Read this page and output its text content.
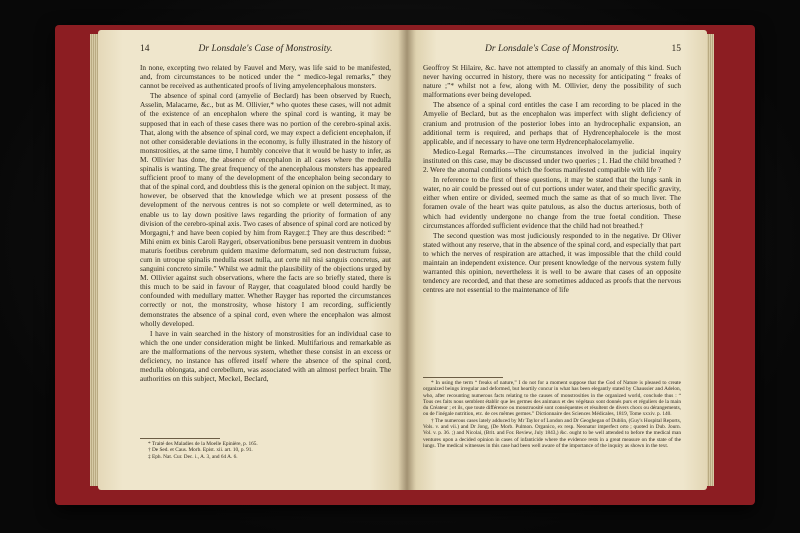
14	Dr Lonsdale's Case of Monstrosity.

In none, excepting two related by Fauvel and Mery, was life said to be manifested, and, from circumstances to be noticed under the “ medico-legal remarks,” they cannot be received as authenticated proofs of living amyelencephalous monsters.

The absence of spinal cord (amyelie of Beclard) has been observed by Ruech, Asselin, Malacarne, &c., but as M. Ollivier,* who quotes these cases, will not admit of the existence of an encephalon where the spinal cord is wanting, it may be supposed that in each of these cases there was no portion of the cerebro-spinal axis. That, along with the absence of spinal cord, we may expect a deficient encephalon, if not other considerable deviations in the economy, is fully illustrated in the history of monstrosities, at the same time, I humbly conceive that it would be hasty to infer, as M. Ollivier has done, the absence of encephalon in all cases where the medulla spinalis is wanting. The great frequency of the anencephalous monsters has appeared sufficient proof to many of the development of the encephalon being secondary to that of the spinal cord, and doubtless this is the general opinion on the subject. It may, however, be observed that the knowledge which we at present possess of the development of the nervous centres is not so complete or well determined, as to enable us to lay down positive laws regarding the priority of formation of any division of the cerebro-spinal axis. Two cases of absence of spinal cord are noticed by Morgagni,† and have been copied by him from Rayger.‡ They are thus described: “ Mihi enim ex binis Caroli Raygeri, observationibus bene persuasit ventrem in duobus maturis foetibus cerebrum quidem maxime deformatum, sed non destructum fuisse, cum in utroque spinalis medulla esset nulla, aut certe nil nisi sanguis concretus, aut sanguini concreto simile.” Whilst we admit the plausibility of the objections urged by M. Ollivier against such observations, where the facts are so briefly stated, there is this much to be said in favour of Rayger, that coagulated blood could hardly be confounded with medullary matter. Whether Rayger has reported the circumstances correctly or not, the monstrosity, whose history I am recording, sufficiently demonstrates the absence of a spinal cord, even where the encephalon was almost wholly developed.

I have in vain searched in the history of monstrosities for an individual case to which the one under consideration might be linked. Multifarious and remarkable as are the malformations of the nervous system, whether these consist in an excess or deficiency, no instance has offered itself where the absence of the spinal cord, medulla oblongata, and cerebellum, was associated with an almost perfect brain. The authorities on this subject, Meckel, Beclard,

* Traité des Maladies de la Moelle Epinière, p. 165.

† De Sed. et Caus. Morb. Epist. xii. art. 10, p. 91.

‡ Eph. Nat. Cur. Dec. i., A. 3, and 64 A. 6.

Dr Lonsdale's Case of Monstrosity.	15

Geoffroy St Hilaire, &c. have not attempted to classify an anomaly of this kind. Such never having occurred in history, there was no necessity for anticipating “ freaks of nature ;”* whilst not a few, along with M. Ollivier, deny the possibility of such malformations ever being developed.

The absence of a spinal cord entitles the case I am recording to be placed in the Amyelie of Beclard, but as the encephalon was imperfect with slight deficiency of cranium and protrusion of the posterior lobes into an hydrocephalic expansion, an additional term is required, and perhaps that of Hydrencephalocele is the most applicable, and if necessary to have one term Hydrencephalocelamyelie.

Medico-Legal Remarks.—The circumstances involved in the judicial inquiry instituted on this case, may be discussed under two queries ; 1. Had the child breathed ? 2. Were the anomal conditions which the foetus manifested compatible with life ?

In reference to the first of these questions, it may be stated that the lungs sank in water, no air could be pressed out of cut portions under water, and their specific gravity, either when entire or divided, seemed much the same as that of so much liver. The foramen ovale of the heart was quite patulous, as also the ductus arteriosus, both of which had evidently undergone no change from the true foetal condition. These circumstances afforded sufficient evidence that the child had not breathed.†

The second question was most judiciously responded to in the negative. Dr Oliver stated without any reserve, that in the absence of the spinal cord, and especially that part to which the nerves of respiration are attached, it was impossible that the child could maintain an independent existence. Our present knowledge of the nervous system fully warranted this opinion, nevertheless it is well to be aware that cases of an opposite tendency are recorded, and that these are sometimes adduced as proofs that the nervous centres are not essential to the maintenance of life

* In using the term “ freaks of nature,” I do not for a moment suppose that the God of Nature is pleased to create organized beings irregular and deformed, but heartily concur in what has been elegantly stated by Chaussier and Adelon, who, after recounting numerous facts relating to the causes of monstrosities in the organized world, conclude thus : “ Tous ces faits nous semblent établir que les germes des animaux et des végétaux sont donnés purs et réguliers de la main du Créateur ; et ils, que toute différence ou monstruosité sont conséquentes et résultent de divers chocs ou dérangements, ou de l'inégale nutrition, etc. de ces mêmes germes.” Dictionnaire des Sciences Médicales, 1819, Tome xxxiv. p. 140.

† The numerous cases lately adduced by Mr Taylor of London and Dr Geoghegan of Dublin, (Guy's Hospital Reports, Vols. v. and vii.) and Dr Jong, (De Morb. Pulmon. Organico, ex resp. Neonatur imperfect orto ; quoted in Dub. Journ. Vol. v. p. 36. ;) and Nicolai, (Brit. and For. Review, July 1843,) &c. ought to be well attended to before the medical man ventures upon a decided opinion in cases of infanticide where the evidence rests in a great measure on the state of the lungs. The medical witnesses in this case had been well aware of the importance of the inquiry as shown in the text.
